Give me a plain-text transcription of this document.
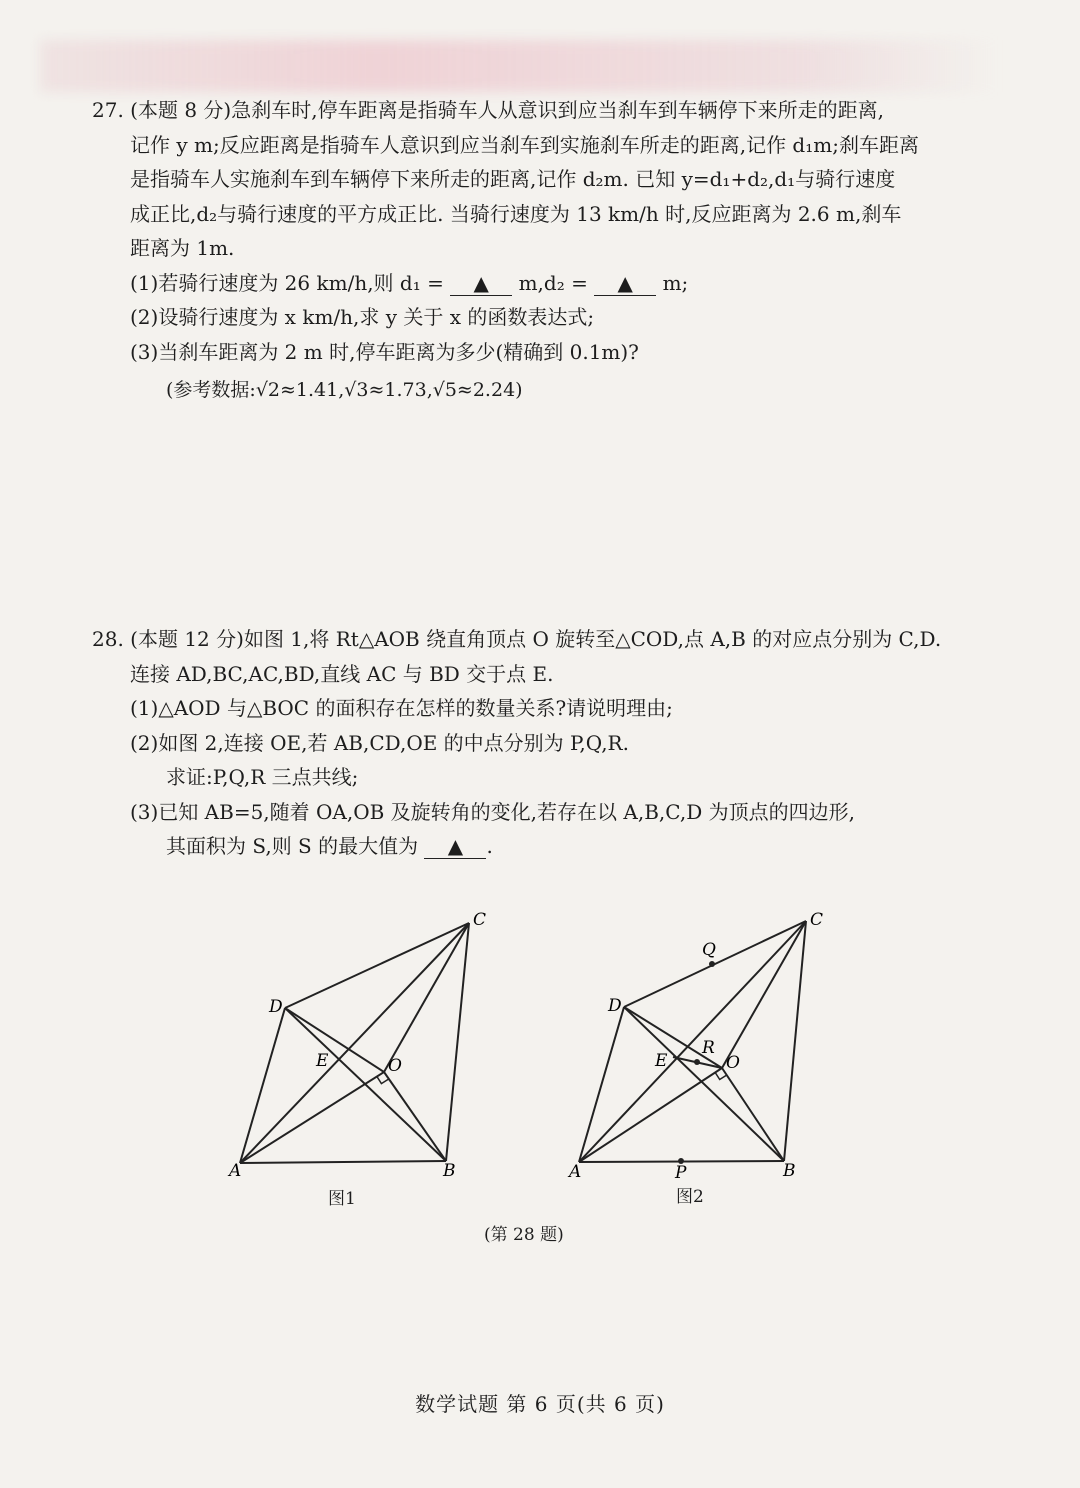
27. (本题 8 分)急刹车时,停车距离是指骑车人从意识到应当刹车到车辆停下来所走的距离,

记作 y m;反应距离是指骑车人意识到应当刹车到实施刹车所走的距离,记作 d₁m;刹车距离

是指骑车人实施刹车到车辆停下来所走的距离,记作 d₂m. 已知 y=d₁+d₂,d₁与骑行速度

成正比,d₂与骑行速度的平方成正比. 当骑行速度为 13 km/h 时,反应距离为 2.6 m,刹车

距离为 1m.

(1)若骑行速度为 26 km/h,则 d₁ = ▲ m,d₂ = ▲ m;

(2)设骑行速度为 x km/h,求 y 关于 x 的函数表达式;

(3)当刹车距离为 2 m 时,停车距离为多少(精确到 0.1m)?

(参考数据:√2≈1.41,√3≈1.73,√5≈2.24)

28. (本题 12 分)如图 1,将 Rt△AOB 绕直角顶点 O 旋转至△COD,点 A,B 的对应点分别为 C,D.

连接 AD,BC,AC,BD,直线 AC 与 BD 交于点 E.

(1)△AOD 与△BOC 的面积存在怎样的数量关系?请说明理由;

(2)如图 2,连接 OE,若 AB,CD,OE 的中点分别为 P,Q,R.

求证:P,Q,R 三点共线;

(3)已知 AB=5,随着 OA,OB 及旋转角的变化,若存在以 A,B,C,D 为顶点的四边形,

其面积为 S,则 S 的最大值为 ▲ .

A	B
C
D
E	O
图1
A	B
C
D
E	O
P
Q
R
图2
(第 28 题)
数学试题 第 6 页(共 6 页)
